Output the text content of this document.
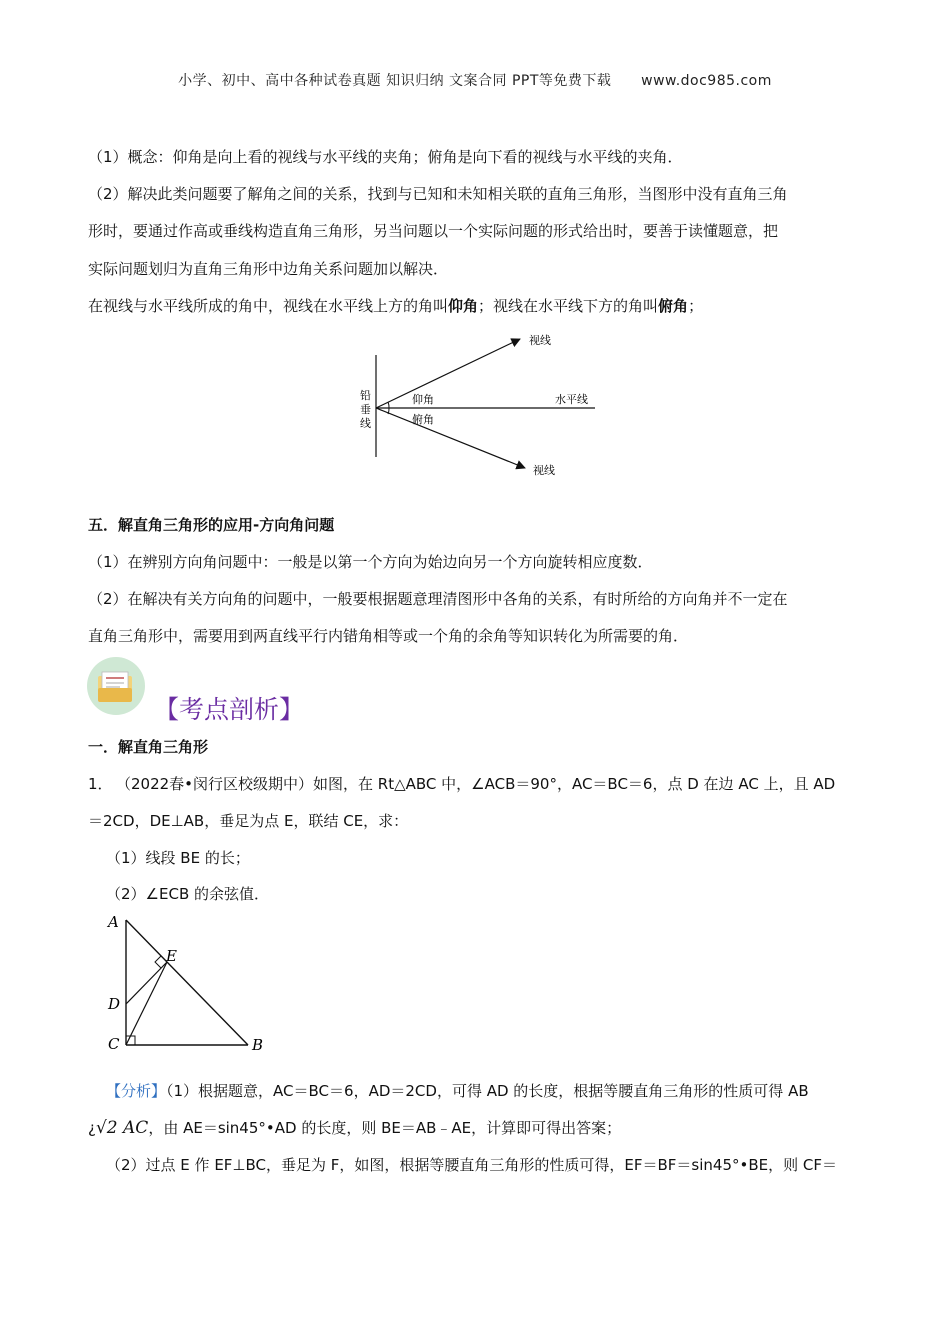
小学、初中、高中各种试卷真题 知识归纳 文案合同 PPT等免费下载 www.doc985.com
（1）概念：仰角是向上看的视线与水平线的夹角；俯角是向下看的视线与水平线的夹角．
（2）解决此类问题要了解角之间的关系，找到与已知和未知相关联的直角三角形，当图形中没有直角三角
形时，要通过作高或垂线构造直角三角形，另当问题以一个实际问题的形式给出时，要善于读懂题意，把
实际问题划归为直角三角形中边角关系问题加以解决．
在视线与水平线所成的角中，视线在水平线上方的角叫仰角；视线在水平线下方的角叫俯角；
视线
视线
水平线
铅
垂
线
仰角
俯角
五．解直角三角形的应用-方向角问题
（1）在辨别方向角问题中：一般是以第一个方向为始边向另一个方向旋转相应度数．
（2）在解决有关方向角的问题中，一般要根据题意理清图形中各角的关系，有时所给的方向角并不一定在
直角三角形中，需要用到两直线平行内错角相等或一个角的余角等知识转化为所需要的角．
【考点剖析】
一．解直角三角形
1． （2022春•闵行区校级期中）如图，在 Rt△ABC 中，∠ACB＝90°，AC＝BC＝6，点 D 在边 AC 上，且 AD
＝2CD，DE⊥AB，垂足为点 E，联结 CE，求：
（1）线段 BE 的长；
（2）∠ECB 的余弦值．
A
B
C
D
E
【分析】（1）根据题意，AC＝BC＝6，AD＝2CD，可得 AD 的长度，根据等腰直角三角形的性质可得 AB
¿√2 AC，由 AE＝sin45°•AD 的长度，则 BE＝AB﹣AE，计算即可得出答案；
（2）过点 E 作 EF⊥BC，垂足为 F，如图，根据等腰直角三角形的性质可得，EF＝BF＝sin45°•BE，则 CF＝
